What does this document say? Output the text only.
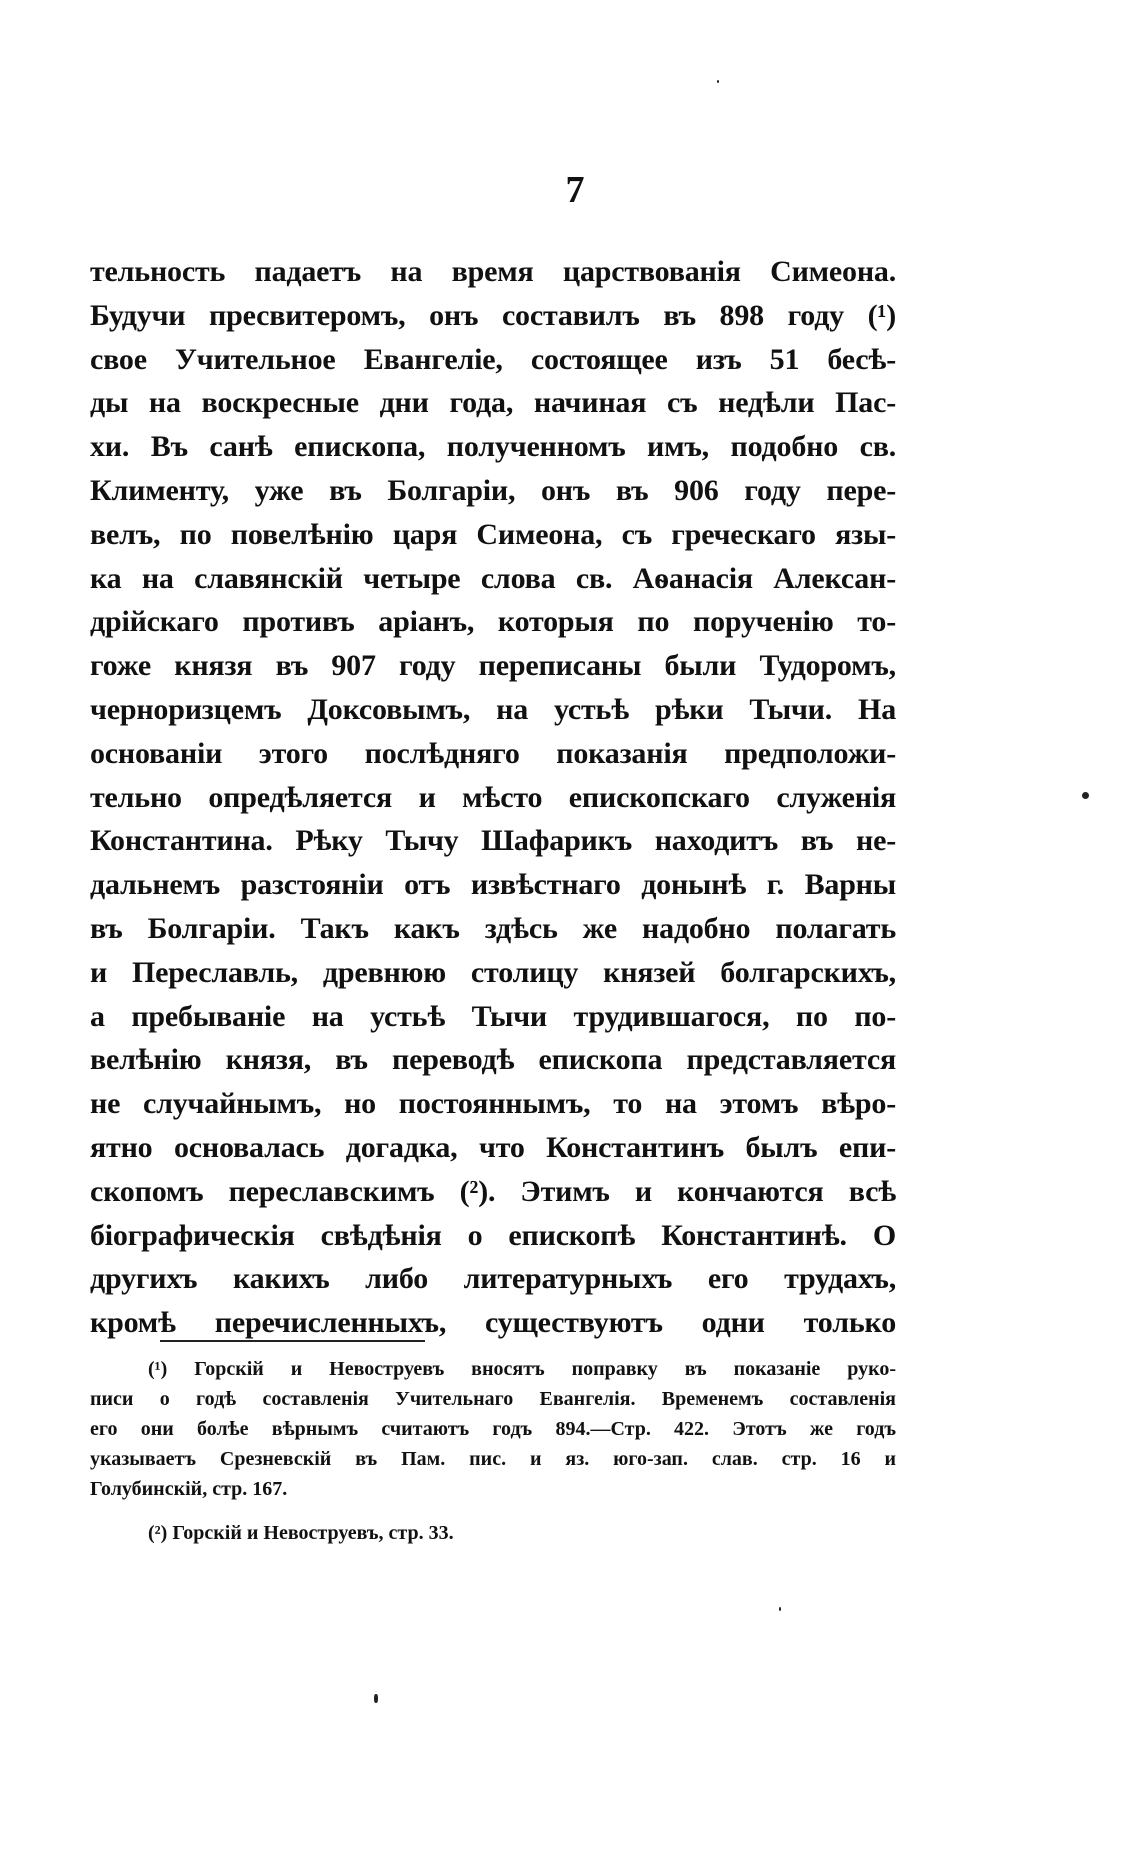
7
тельность падаетъ на время царствованія Симеона.
Будучи пресвитеромъ, онъ составилъ въ 898 году (¹)
свое Учительное Евангеліе, состоящее изъ 51 бесѣ-
ды на воскресные дни года, начиная съ недѣли Пас-
хи. Въ санѣ епископа, полученномъ имъ, подобно св.
Клименту, уже въ Болгаріи, онъ въ 906 году пере-
велъ, по повелѣнію царя Симеона, съ греческаго язы-
ка на славянскій четыре слова св. Аѳанасія Алексан-
дрійскаго противъ аріанъ, которыя по порученію то-
гоже князя въ 907 году переписаны были Тудоромъ,
черноризцемъ Доксовымъ, на устьѣ рѣки Тычи. На
основаніи этого послѣдняго показанія предположи-
тельно опредѣляется и мѣсто епископскаго служенія
Константина. Рѣку Тычу Шафарикъ находитъ въ не-
дальнемъ разстояніи отъ извѣстнаго донынѣ г. Варны
въ Болгаріи. Такъ какъ здѣсь же надобно полагать
и Переславль, древнюю столицу князей болгарскихъ,
а пребываніе на устьѣ Тычи трудившагося, по по-
велѣнію князя, въ переводѣ епископа представляется
не случайнымъ, но постояннымъ, то на этомъ вѣро-
ятно основалась догадка, что Константинъ былъ епи-
скопомъ переславскимъ (²). Этимъ и кончаются всѣ
біографическія свѣдѣнія о епископѣ Константинѣ. О
другихъ какихъ либо литературныхъ его трудахъ,
кромѣ перечисленныхъ, существуютъ одни только
(¹) Горскій и Невоструевъ вносятъ поправку въ показаніе руко-
писи о годѣ составленія Учительнаго Евангелія. Временемъ составленія
его они болѣе вѣрнымъ считаютъ годъ 894.—Стр. 422. Этотъ же годъ
указываетъ Срезневскій въ Пам. пис. и яз. юго-зап. слав. стр. 16 и
Голубинскій, стр. 167.
(²) Горскій и Невоструевъ, стр. 33.
